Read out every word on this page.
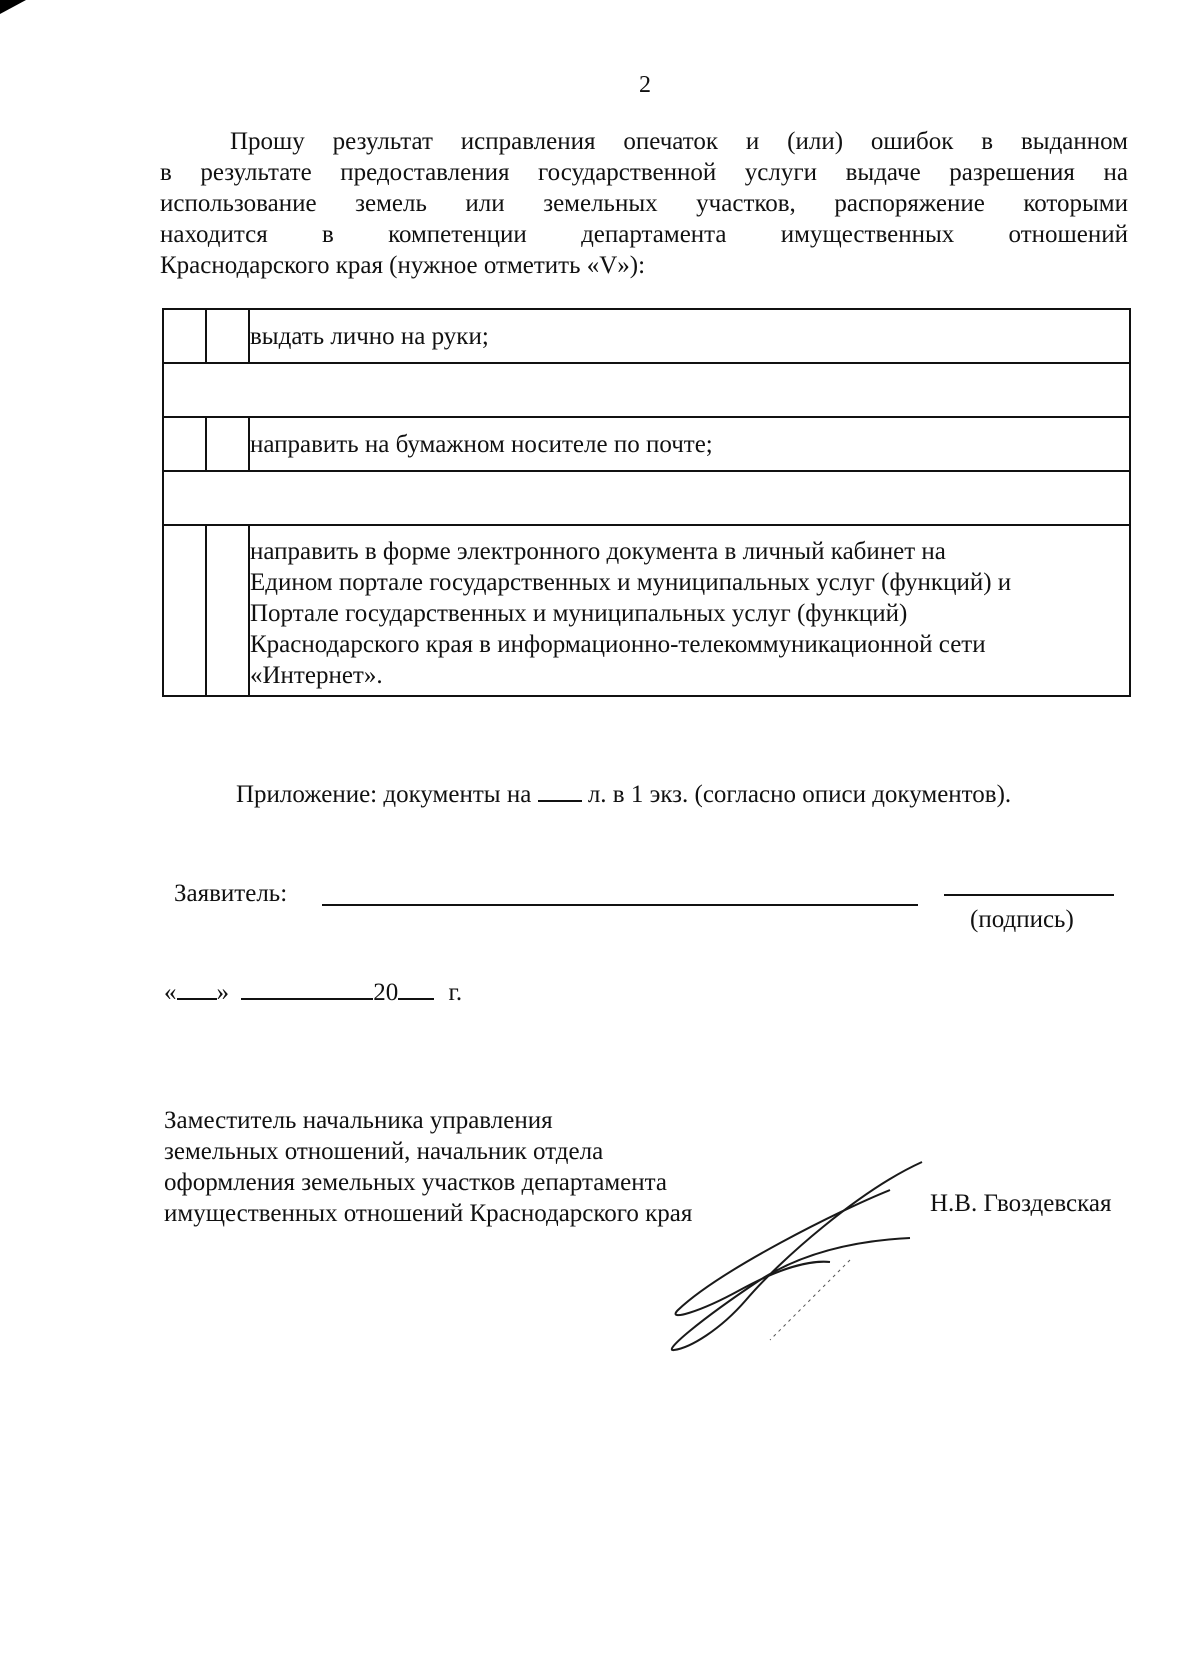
2
Прошу результат исправления опечаток и (или) ошибок в выданном
в результате предоставления государственной услуги выдаче разрешения на
использование земель или земельных участков, распоряжение которыми
находится в компетенции департамента имущественных отношений
Краснодарского края (нужное отметить «V»):
		выдать лично на руки;

		направить на бумажном носителе по почте;

		направить в форме электронного документа в личный кабинет на
Едином портале государственных и муниципальных услуг (функций) и
Портале государственных и муниципальных услуг (функций)
Краснодарского края в информационно-телекоммуникационной сети
«Интернет».
Приложение: документы на л. в 1 экз. (согласно описи документов).
Заявитель:
(подпись)
« »	20 г.
Заместитель начальника управления
земельных отношений, начальник отдела
оформления земельных участков департамента
имущественных отношений Краснодарского края	Н.В. Гвоздевская
